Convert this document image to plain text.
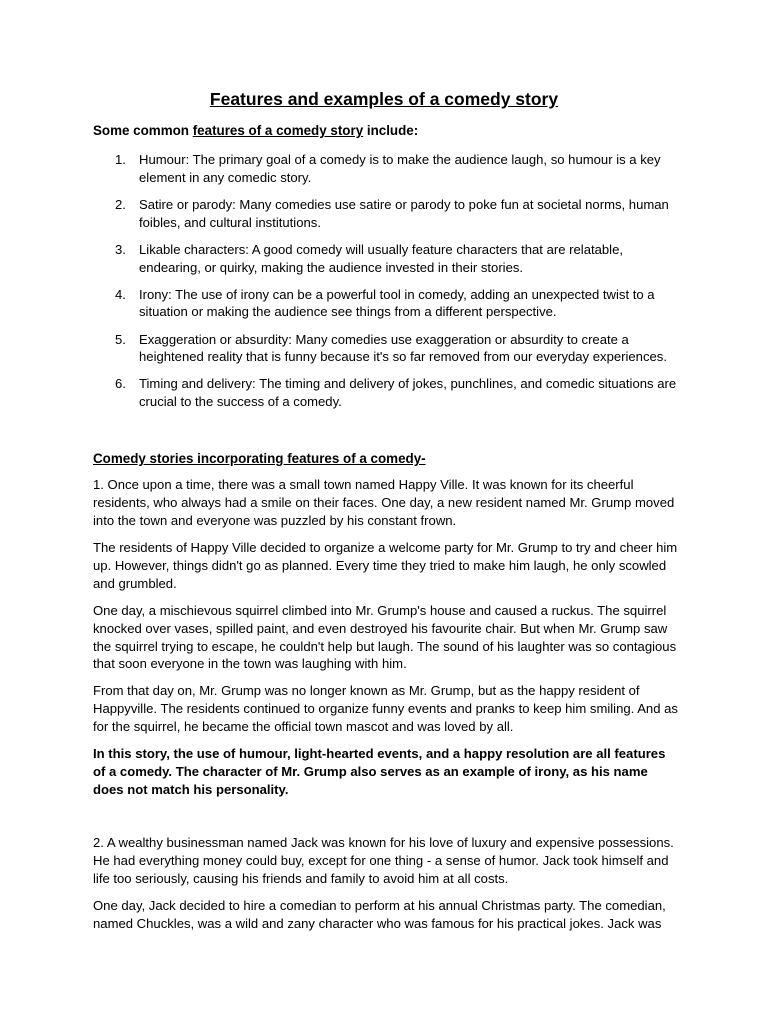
Features and examples of a comedy story

Some common features of a comedy story include:

1. Humour: The primary goal of a comedy is to make the audience laugh, so humour is a key element in any comedic story.
2. Satire or parody: Many comedies use satire or parody to poke fun at societal norms, human foibles, and cultural institutions.
3. Likable characters: A good comedy will usually feature characters that are relatable, endearing, or quirky, making the audience invested in their stories.
4. Irony: The use of irony can be a powerful tool in comedy, adding an unexpected twist to a situation or making the audience see things from a different perspective.
5. Exaggeration or absurdity: Many comedies use exaggeration or absurdity to create a heightened reality that is funny because it's so far removed from our everyday experiences.
6. Timing and delivery: The timing and delivery of jokes, punchlines, and comedic situations are crucial to the success of a comedy.
Comedy stories incorporating features of a comedy-

1. Once upon a time, there was a small town named Happy Ville. It was known for its cheerful residents, who always had a smile on their faces. One day, a new resident named Mr. Grump moved into the town and everyone was puzzled by his constant frown.

The residents of Happy Ville decided to organize a welcome party for Mr. Grump to try and cheer him up. However, things didn't go as planned. Every time they tried to make him laugh, he only scowled and grumbled.

One day, a mischievous squirrel climbed into Mr. Grump's house and caused a ruckus. The squirrel knocked over vases, spilled paint, and even destroyed his favourite chair. But when Mr. Grump saw the squirrel trying to escape, he couldn't help but laugh. The sound of his laughter was so contagious that soon everyone in the town was laughing with him.

From that day on, Mr. Grump was no longer known as Mr. Grump, but as the happy resident of Happyville. The residents continued to organize funny events and pranks to keep him smiling. And as for the squirrel, he became the official town mascot and was loved by all.

In this story, the use of humour, light-hearted events, and a happy resolution are all features of a comedy. The character of Mr. Grump also serves as an example of irony, as his name does not match his personality.

2. A wealthy businessman named Jack was known for his love of luxury and expensive possessions. He had everything money could buy, except for one thing - a sense of humor. Jack took himself and life too seriously, causing his friends and family to avoid him at all costs.

One day, Jack decided to hire a comedian to perform at his annual Christmas party. The comedian, named Chuckles, was a wild and zany character who was famous for his practical jokes. Jack was
